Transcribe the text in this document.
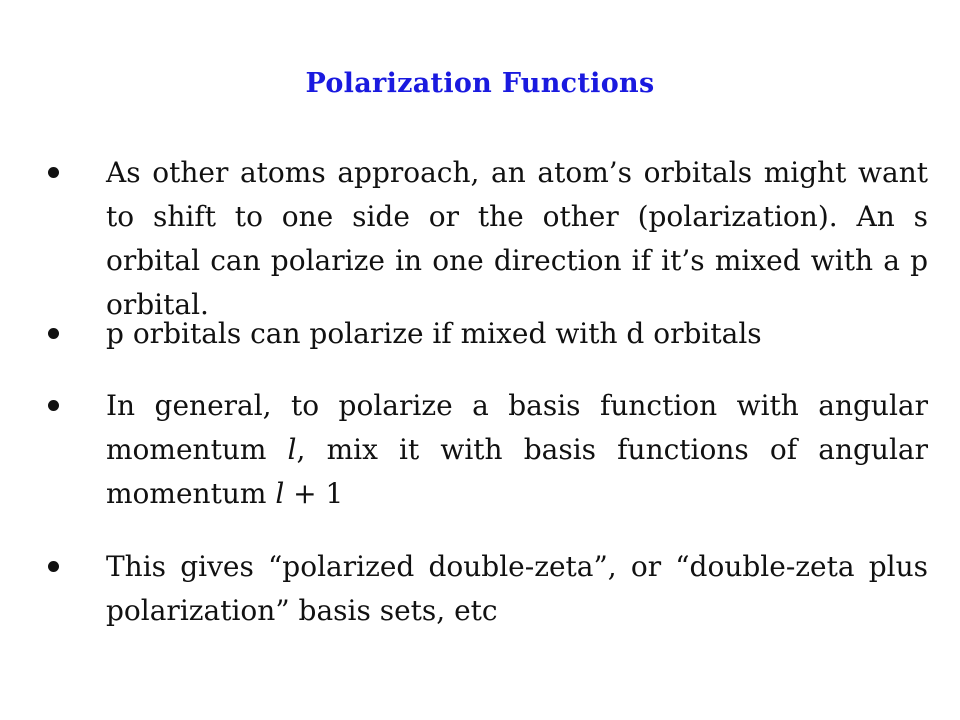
Polarization Functions
As other atoms approach, an atom’s orbitals might want to shift to one side or the other (polarization). An s orbital can polarize in one direction if it’s mixed with a p orbital.
p orbitals can polarize if mixed with d orbitals
In general, to polarize a basis function with angular momentum l, mix it with basis functions of angular momentum l + 1
This gives “polarized double-zeta”, or “double-zeta plus polarization” basis sets, etc
